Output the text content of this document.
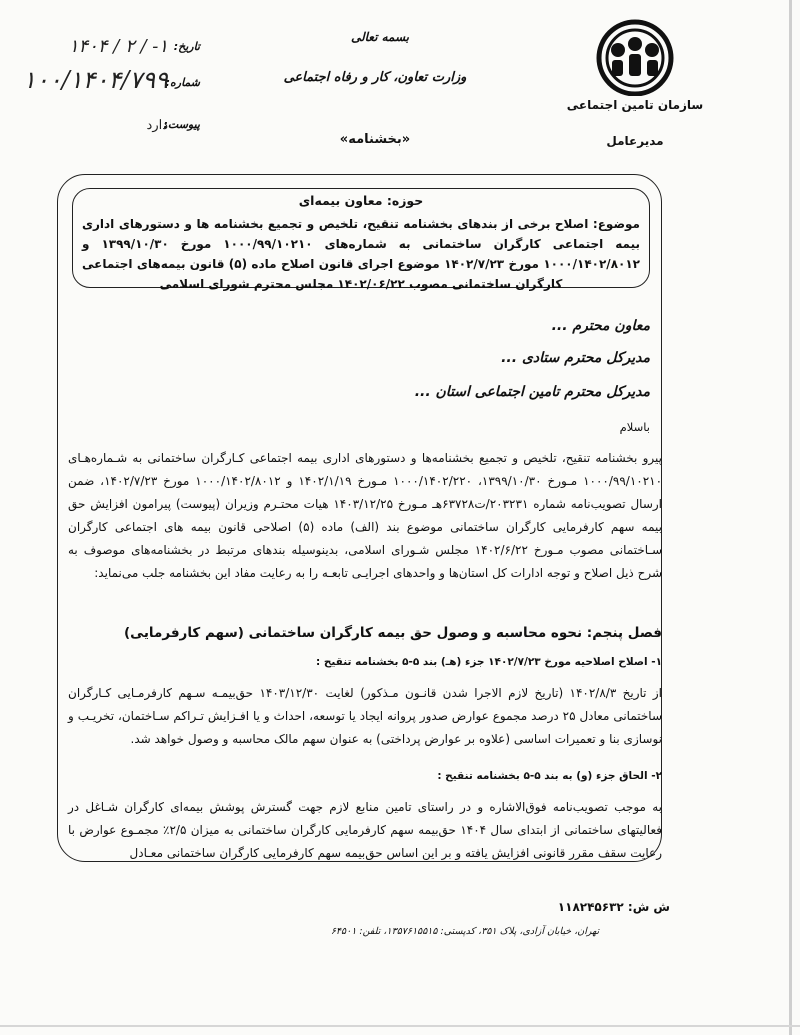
سازمان تامین اجتماعی
مدیرعامل
بسمه تعالی
وزارت تعاون، کار و رفاه اجتماعی
«بخشنامه»
تاریخ:
۱۴۰۴ / ۲ / -۱
شماره:
۱۰۰/۱۴۰۴/۷۹۹
پیوست:
دارد
حوزه: معاون بیمه‌ای
موضوع: اصلاح برخی از بندهای بخشنامه تنقیح، تلخیص و تجمیع بخشنامه ها و دستورهای اداری بیمه اجتماعی کارگران ساختمانی به شماره‌های ۱۰۰۰/۹۹/۱۰۲۱۰ مورخ ۱۳۹۹/۱۰/۳۰ و ۱۰۰۰/۱۴۰۲/۸۰۱۲ مورخ ۱۴۰۲/۷/۲۳ موضوع اجرای قانون اصلاح ماده (۵) قانون بیمه‌های اجتماعی کارگران ساختمانی مصوب ۱۴۰۲/۰۶/۲۲ مجلس محترم شورای اسلامی
معاون محترم ...
مدیرکل محترم ستادی ...
مدیرکل محترم تامین اجتماعی استان ...
باسلام
پیرو بخشنامه تنقیح، تلخیص و تجمیع بخشنامه‌ها و دستورهای اداری بیمه اجتماعی کـارگران ساختمانی به شـماره‌هـای ۱۰۰۰/۹۹/۱۰۲۱۰ مـورخ ۱۳۹۹/۱۰/۳۰، ۱۰۰۰/۱۴۰۲/۲۲۰ مـورخ ۱۴۰۲/۱/۱۹ و ۱۰۰۰/۱۴۰۲/۸۰۱۲ مورخ ۱۴۰۲/۷/۲۳، ضمن ارسال تصویب‌نامه شماره ۲۰۳۲۳۱/ت۶۳۷۲۸هـ مـورخ ۱۴۰۳/۱۲/۲۵ هیات محتـرم وزیران (پیوست) پیرامون افزایش حق بیمه سهم کارفرمایی کارگران ساختمانی موضوع بند (الف) ماده (۵) اصلاحی قانون بیمه های اجتماعی کارگران سـاختمانی مصوب مـورخ ۱۴۰۲/۶/۲۲ مجلس شـورای اسلامی، بدینوسیله بندهای مرتبط در بخشنامه‌های موصوف به شرح ذیل اصلاح و توجه ادارات کل استان‌ها و واحدهای اجرایـی تابعـه را به رعایت مفاد این بخشنامه جلب می‌نماید:
فصل پنجم: نحوه محاسبه و وصول حق بیمه کارگران ساختمانی (سهم کارفرمایی)
۱- اصلاح اصلاحیه مورخ ۱۴۰۲/۷/۲۳ جزء (هـ) بند ۵-۵ بخشنامه تنقیح :
از تاریخ ۱۴۰۲/۸/۳ (تاریخ لازم الاجرا شدن قانـون مـذکور) لغایت ۱۴۰۳/۱۲/۳۰ حق‌بیمـه سـهم کارفرمـایی کـارگران ساختمانی معادل ۲۵ درصد مجموع عوارض صدور پروانه ایجاد یا توسعه، احداث و یا افـزایش تـراکم سـاختمان، تخریـب و نوسازی بنا و تعمیرات اساسی (علاوه بر عوارض پرداختی) به عنوان سهم مالک محاسبه و وصول خواهد شد.
۲- الحاق جزء (و) به بند ۵-۵ بخشنامه تنقیح :
به موجب تصویب‌نامه فوق‌الاشاره و در راستای تامین منابع لازم جهت گسترش پوشش بیمه‌ای کارگران شـاغل در فعالیتهای ساختمانی از ابتدای سال ۱۴۰۴ حق‌بیمه سهم کارفرمایی کارگران ساختمانی به میزان ۲/۵٪ مجمـوع عوارض با رعایت سقف مقرر قانونی افزایش یافته و بر این اساس حق‌بیمه سهم کارفرمایی کارگران ساختمانی معـادل
ش ش: ۱۱۸۲۴۵۶۳۲
تهران، خیابان آزادی، پلاک ۳۵۱، کدپستی: ۱۳۵۷۶۱۵۵۱۵، تلفن: ۶۴۵۰۱
